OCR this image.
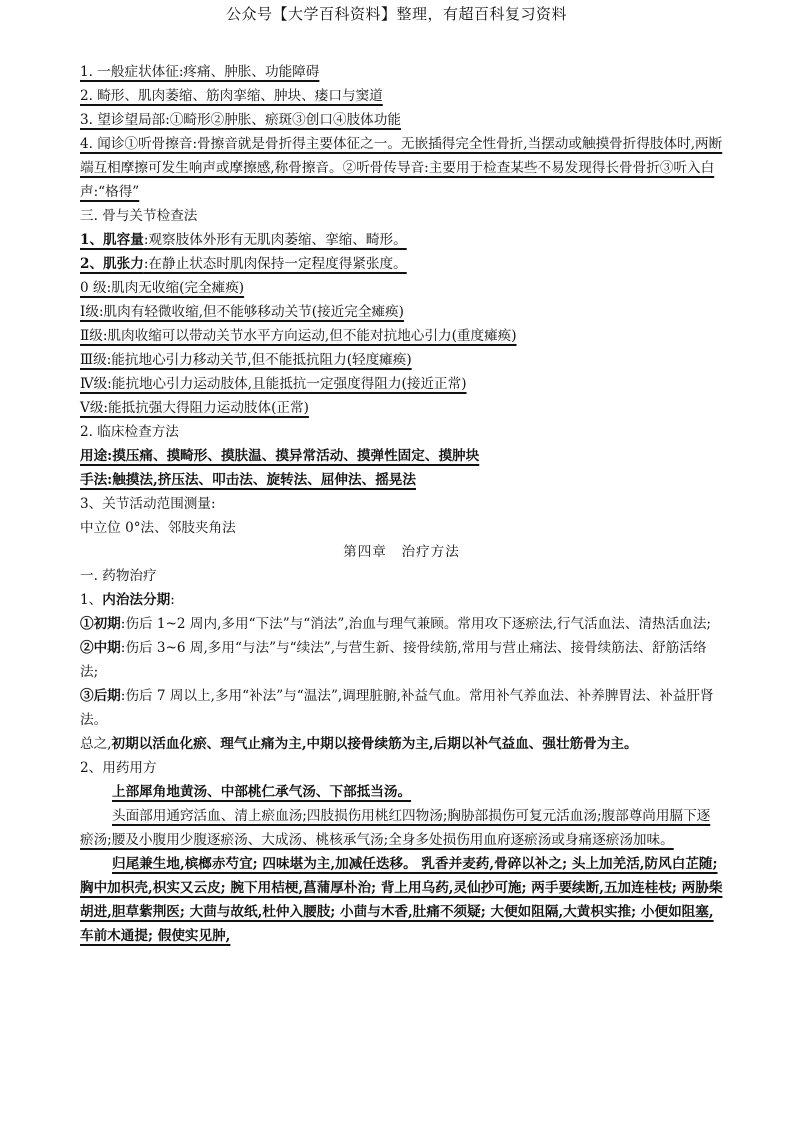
公众号【大学百科资料】整理，有超百科复习资料
1. 一般症状体征:疼痛、肿胀、功能障碍
2. 畸形、肌肉萎缩、筋肉挛缩、肿块、瘘口与窦道
3. 望诊望局部:①畸形②肿胀、瘀斑③创口④肢体功能
4. 闻诊①听骨擦音:骨擦音就是骨折得主要体征之一。无嵌插得完全性骨折,当摆动或触摸骨折得肢体时,两断端互相摩擦可发生响声或摩擦感,称骨擦音。②听骨传导音:主要用于检查某些不易发现得长骨骨折③听入白声:“格得”
三. 骨与关节检查法
1、肌容量:观察肢体外形有无肌肉萎缩、挛缩、畸形。
2、肌张力:在静止状态时肌肉保持一定程度得紧张度。
0 级:肌肉无收缩(完全瘫痪)
Ⅰ级:肌肉有轻微收缩,但不能够移动关节(接近完全瘫痪)
Ⅱ级:肌肉收缩可以带动关节水平方向运动,但不能对抗地心引力(重度瘫痪)
Ⅲ级:能抗地心引力移动关节,但不能抵抗阻力(轻度瘫痪)
Ⅳ级:能抗地心引力运动肢体,且能抵抗一定强度得阻力(接近正常)
Ⅴ级:能抵抗强大得阻力运动肢体(正常)
2. 临床检查方法
用途:摸压痛、摸畸形、摸肤温、摸异常活动、摸弹性固定、摸肿块
手法:触摸法,挤压法、叩击法、旋转法、屈伸法、摇晃法
3、关节活动范围测量:
中立位 0°法、邻肢夹角法
第四章　治疗方法
一. 药物治疗
1、内治法分期:
①初期:伤后 1~2 周内,多用“下法”与“消法”,治血与理气兼顾。常用攻下逐瘀法,行气活血法、清热活血法;
②中期:伤后 3~6 周,多用“与法”与“续法”,与营生新、接骨续筋,常用与营止痛法、接骨续筋法、舒筋活络法;
③后期:伤后 7 周以上,多用“补法”与“温法”,调理脏腑,补益气血。常用补气养血法、补养脾胃法、补益肝肾法。
总之,初期以活血化瘀、理气止痛为主,中期以接骨续筋为主,后期以补气益血、强壮筋骨为主。
2、用药用方
上部犀角地黄汤、中部桃仁承气汤、下部抵当汤。
头面部用通窍活血、清上瘀血汤;四肢损伤用桃红四物汤;胸胁部损伤可复元活血汤;腹部尊尚用膈下逐瘀汤;腰及小腹用少腹逐瘀汤、大成汤、桃核承气汤;全身多处损伤用血府逐瘀汤或身痛逐瘀汤加味。
归尾兼生地,槟榔赤芍宜; 四味堪为主,加减任迭移。 乳香并麦药,骨碎以补之; 头上加羌活,防风白芷随; 胸中加枳壳,枳实又云皮; 腕下用桔梗,菖蒲厚朴治; 背上用乌药,灵仙抄可施; 两手要续断,五加连桂枝; 两胁柴胡进,胆草紫荆医; 大茴与故纸,杜仲入腰肢; 小茴与木香,肚痛不须疑; 大便如阻隔,大黄枳实推; 小便如阻塞,车前木通提; 假使实见肿,
